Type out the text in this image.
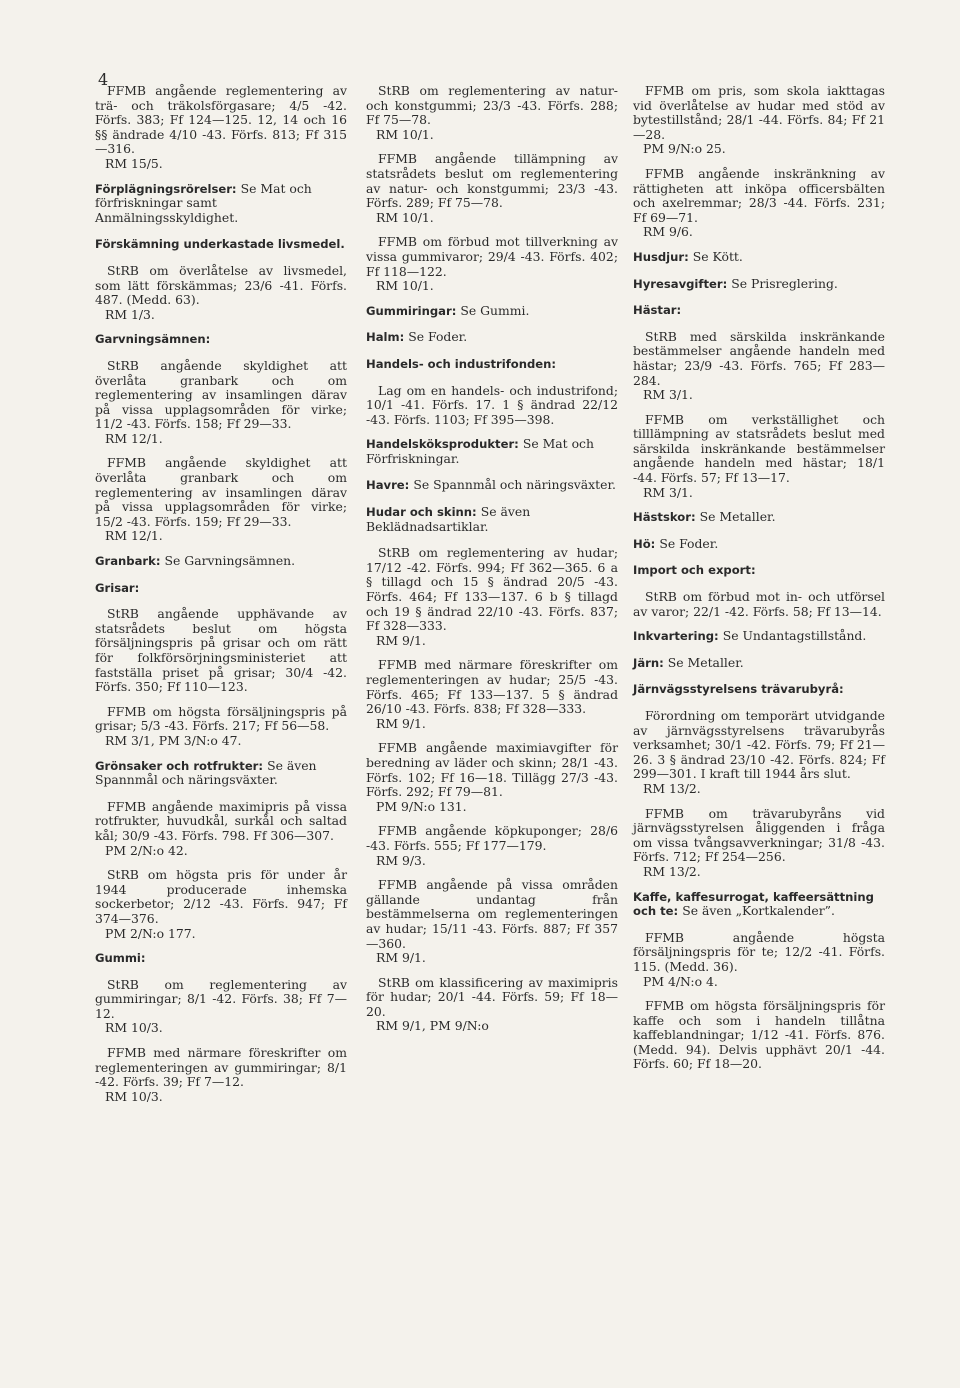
4
FFMB angående reglementering av trä- och träkolsförgasare; 4/5 -42. Förfs. 383; Ff 124—125. 12, 14 och 16 §§ ändrade 4/10 -43. Förfs. 813; Ff 315—316.
RM 15/5.
Förplägningsrörelser: Se Mat och förfriskningar samt Anmälningsskyldighet.
Förskämning underkastade livsmedel.
StRB om överlåtelse av livsmedel, som lätt förskämmas; 23/6 -41. Förfs. 487. (Medd. 63).
RM 1/3.
Garvningsämnen:
StRB angående skyldighet att överlåta granbark och om reglementering av insamlingen därav på vissa upplagsområden för virke; 11/2 -43. Förfs. 158; Ff 29—33.
RM 12/1.
FFMB angående skyldighet att överlåta granbark och om reglementering av insamlingen därav på vissa upplagsområden för virke; 15/2 -43. Förfs. 159; Ff 29—33.
RM 12/1.
Granbark: Se Garvningsämnen.
Grisar:
StRB angående upphävande av statsrådets beslut om högsta försäljningspris på grisar och om rätt för folkförsörjningsministeriet att fastställa priset på grisar; 30/4 -42. Förfs. 350; Ff 110—123.
FFMB om högsta försäljningspris på grisar; 5/3 -43. Förfs. 217; Ff 56—58.
RM 3/1, PM 3/N:o 47.
Grönsaker och rotfrukter: Se även Spannmål och näringsväxter.
FFMB angående maximipris på vissa rotfrukter, huvudkål, surkål och saltad kål; 30/9 -43. Förfs. 798. Ff 306—307.
PM 2/N:o 42.
StRB om högsta pris för under år 1944 producerade inhemska sockerbetor; 2/12 -43. Förfs. 947; Ff 374—376.
PM 2/N:o 177.
Gummi:
StRB om reglementering av gummiringar; 8/1 -42. Förfs. 38; Ff 7—12.
RM 10/3.
FFMB med närmare föreskrifter om reglementeringen av gummiringar; 8/1 -42. Förfs. 39; Ff 7—12.
RM 10/3.
StRB om reglementering av natur- och konstgummi; 23/3 -43. Förfs. 288; Ff 75—78.
RM 10/1.
FFMB angående tillämpning av statsrådets beslut om reglementering av natur- och konstgummi; 23/3 -43. Förfs. 289; Ff 75—78.
RM 10/1.
FFMB om förbud mot tillverkning av vissa gummivaror; 29/4 -43. Förfs. 402; Ff 118—122.
RM 10/1.
Gummiringar: Se Gummi.
Halm: Se Foder.
Handels- och industrifonden:
Lag om en handels- och industrifond; 10/1 -41. Förfs. 17. 1 § ändrad 22/12 -43. Förfs. 1103; Ff 395—398.
Handelsköksprodukter: Se Mat och Förfriskningar.
Havre: Se Spannmål och näringsväxter.
Hudar och skinn: Se även Beklädnadsartiklar.
StRB om reglementering av hudar; 17/12 -42. Förfs. 994; Ff 362—365. 6 a § tillagd och 15 § ändrad 20/5 -43. Förfs. 464; Ff 133—137. 6 b § tillagd och 19 § ändrad 22/10 -43. Förfs. 837; Ff 328—333.
RM 9/1.
FFMB med närmare föreskrifter om reglementeringen av hudar; 25/5 -43. Förfs. 465; Ff 133—137. 5 § ändrad 26/10 -43. Förfs. 838; Ff 328—333.
RM 9/1.
FFMB angående maximiavgifter för beredning av läder och skinn; 28/1 -43. Förfs. 102; Ff 16—18. Tillägg 27/3 -43. Förfs. 292; Ff 79—81.
PM 9/N:o 131.
FFMB angående köpkuponger; 28/6 -43. Förfs. 555; Ff 177—179.
RM 9/3.
FFMB angående på vissa områden gällande undantag från bestämmelserna om reglementeringen av hudar; 15/11 -43. Förfs. 887; Ff 357—360.
RM 9/1.
StRB om klassificering av maximipris för hudar; 20/1 -44. Förfs. 59; Ff 18—20.
RM 9/1, PM 9/N:o
FFMB om pris, som skola iakttagas vid överlåtelse av hudar med stöd av bytestillstånd; 28/1 -44. Förfs. 84; Ff 21—28.
PM 9/N:o 25.
FFMB angående inskränkning av rättigheten att inköpa officersbälten och axelremmar; 28/3 -44. Förfs. 231; Ff 69—71.
RM 9/6.
Husdjur: Se Kött.
Hyresavgifter: Se Prisreglering.
Hästar:
StRB med särskilda inskränkande bestämmelser angående handeln med hästar; 23/9 -43. Förfs. 765; Ff 283—284.
RM 3/1.
FFMB om verkställighet och tilllämpning av statsrådets beslut med särskilda inskränkande bestämmelser angående handeln med hästar; 18/1 -44. Förfs. 57; Ff 13—17.
RM 3/1.
Hästskor: Se Metaller.
Hö: Se Foder.
Import och export:
StRB om förbud mot in- och utförsel av varor; 22/1 -42. Förfs. 58; Ff 13—14.
Inkvartering: Se Undantagstillstånd.
Järn: Se Metaller.
Järnvägsstyrelsens trävarubyrå:
Förordning om temporärt utvidgande av järnvägsstyrelsens trävarubyrås verksamhet; 30/1 -42. Förfs. 79; Ff 21—26. 3 § ändrad 23/10 -42. Förfs. 824; Ff 299—301. I kraft till 1944 års slut.
RM 13/2.
FFMB om trävarubyråns vid järnvägsstyrelsen åliggenden i fråga om vissa tvångsavverkningar; 31/8 -43. Förfs. 712; Ff 254—256.
RM 13/2.
Kaffe, kaffesurrogat, kaffeersättning och te: Se även „Kortkalender”.
FFMB angående högsta försäljningspris för te; 12/2 -41. Förfs. 115. (Medd. 36).
PM 4/N:o 4.
FFMB om högsta försäljningspris för kaffe och som i handeln tillåtna kaffeblandningar; 1/12 -41. Förfs. 876. (Medd. 94). Delvis upphävt 20/1 -44. Förfs. 60; Ff 18—20.
